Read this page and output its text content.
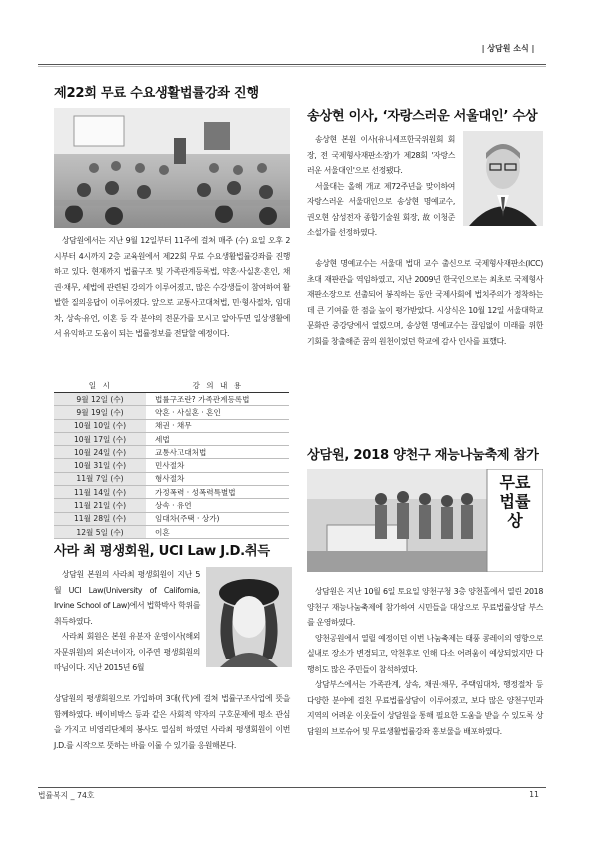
| 상담원 소식 |
제22회 무료 수요생활법률강좌 진행

상담원에서는 지난 9월 12일부터 11주에 걸쳐 매주 (수) 요일 오후 2시부터 4시까지 2층 교육원에서 제22회 무료 수요생활법률강좌를 진행하고 있다. 현재까지 법률구조 및 가족관계등록법, 약혼·사실혼·혼인, 채권·채무, 세법에 관련된 강의가 이루어졌고, 많은 수강생들이 참여하여 활발한 질의응답이 이루어졌다. 앞으로 교통사고대처법, 민·형사절차, 임대차, 상속·유언, 이혼 등 각 분야의 전문가를 모시고 알아두면 일상생활에서 유익하고 도움이 되는 법률정보를 전달할 예정이다.

일 시	강 의 내 용
9월 12일 (수)	법률구조란? 가족관계등록법
9월 19일 (수)	약혼 · 사실혼 · 혼인
10월 10일 (수)	채권 · 채무
10월 17일 (수)	세법
10월 24일 (수)	교통사고대처법
10월 31일 (수)	민사절차
11월 7일 (수)	형사절차
11월 14일 (수)	가정폭력 · 성폭력특별법
11월 21일 (수)	상속 · 유언
11월 28일 (수)	임대차(주택 · 상가)
12월 5일 (수)	이혼
사라 최 평생회원, UCI Law J.D.취득

상담원 본원의 사라최 평생회원이 지난 5월 UCI Law(University of California, Irvine School of Law)에서 법학박사 학위를 취득하였다.

사라최 회원은 본원 유분자 운영이사(해외자문위원)의 외손녀이자, 이주연 평생회원의 따님이다. 지난 2015년 6월

상담원의 평생회원으로 가입하며 3대(代)에 걸쳐 법률구조사업에 뜻을 함께하였다. 베이비박스 등과 같은 사회적 약자의 구호문제에 평소 관심을 가지고 비영리단체의 봉사도 열심히 하였던 사라최 평생회원이 이번 J.D.를 시작으로 뜻하는 바를 이룰 수 있기를 응원해본다.

송상현 이사, ‘자랑스러운 서울대인’ 수상

송상현 본원 이사(유니세프한국위원회 회장, 전 국제형사재판소장)가 제28회 '자랑스러운 서울대인'으로 선정됐다.

서울대는 올해 개교 제72주년을 맞이하여 자랑스러운 서울대인으로 송상현 명예교수, 권오현 삼성전자 종합기술원 회장, 故 이청준 소설가를 선정하였다.

송상현 명예교수는 서울대 법대 교수 출신으로 국제형사재판소(ICC) 초대 재판관을 역임하였고, 지난 2009년 한국인으로는 최초로 국제형사재판소장으로 선출되어 봉직하는 동안 국제사회에 법치주의가 정착하는데 큰 기여를 한 점을 높이 평가받았다. 시상식은 10월 12일 서울대학교 문화관 중강당에서 열렸으며, 송상현 명예교수는 끊임없이 미래를 위한 기회를 창출해준 꿈의 원천이었던 학교에 감사 인사를 표했다.

상담원, 2018 양천구 재능나눔축제 참가
무료법률상

상담원은 지난 10월 6일 토요일 양천구청 3층 양천홀에서 열린 2018 양천구 재능나눔축제에 참가하여 시민들을 대상으로 무료법률상담 부스를 운영하였다.

양천공원에서 열릴 예정이던 이번 나눔축제는 태풍 콩레이의 영향으로 실내로 장소가 변경되고, 악천후로 인해 다소 어려움이 예상되었지만 다행히도 많은 주민들이 참석하였다.

상담부스에서는 가족관계, 상속, 채권·채무, 주택임대차, 행정절차 등 다양한 분야에 걸친 무료법률상담이 이루어졌고, 보다 많은 양천구민과 지역의 어려운 이웃들이 상담원을 통해 필요한 도움을 받을 수 있도록 상담원의 브로슈어 및 무료생활법률강좌 홍보물을 배포하였다.

법률복지 _ 74호	11
